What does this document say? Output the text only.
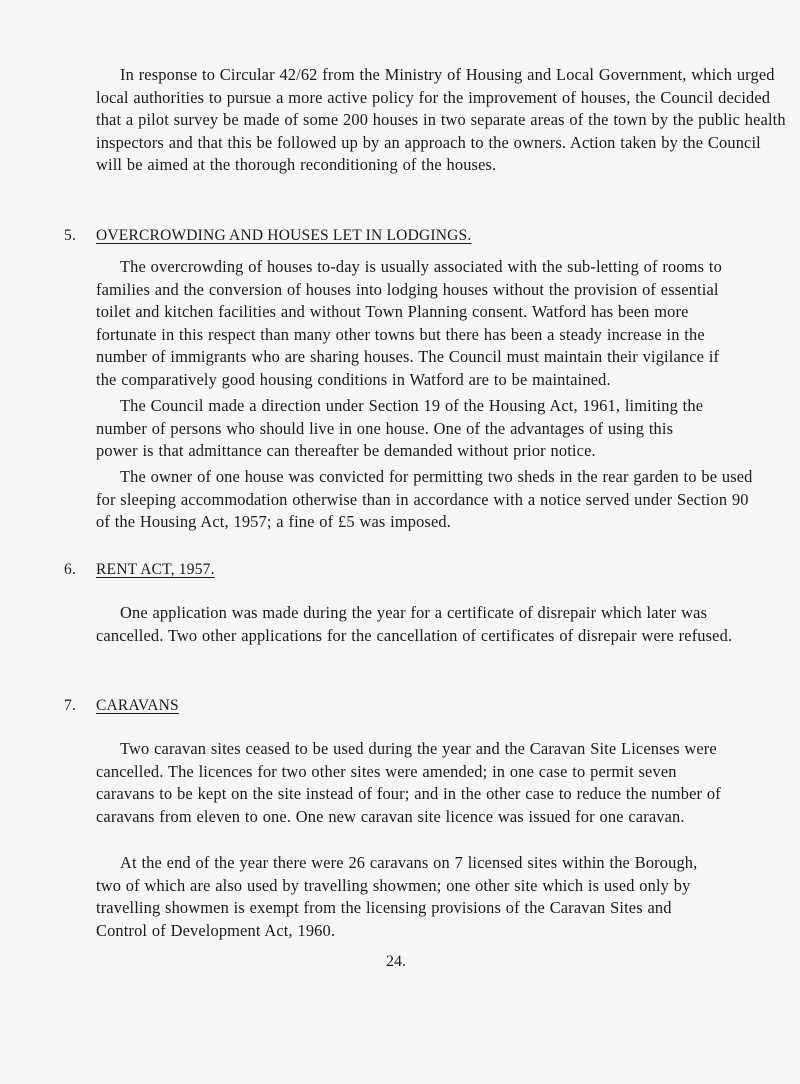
In response to Circular 42/62 from the Ministry of Housing and Local Government, which urged local authorities to pursue a more active policy for the improvement of houses, the Council decided that a pilot survey be made of some 200 houses in two separate areas of the town by the public health inspectors and that this be followed up by an approach to the owners. Action taken by the Council will be aimed at the thorough reconditioning of the houses.

5. OVERCROWDING AND HOUSES LET IN LODGINGS.

The overcrowding of houses to-day is usually associated with the sub-letting of rooms to families and the conversion of houses into lodging houses without the provision of essential toilet and kitchen facilities and without Town Planning consent. Watford has been more fortunate in this respect than many other towns but there has been a steady increase in the number of immigrants who are sharing houses. The Council must maintain their vigilance if the comparatively good housing conditions in Watford are to be maintained.

The Council made a direction under Section 19 of the Housing Act, 1961, limiting the number of persons who should live in one house. One of the advantages of using this power is that admittance can thereafter be demanded without prior notice.

The owner of one house was convicted for permitting two sheds in the rear garden to be used for sleeping accommodation otherwise than in accordance with a notice served under Section 90 of the Housing Act, 1957; a fine of £5 was imposed.

6. RENT ACT, 1957.

One application was made during the year for a certificate of disrepair which later was cancelled. Two other applications for the cancellation of certificates of disrepair were refused.

7. CARAVANS

Two caravan sites ceased to be used during the year and the Caravan Site Licenses were cancelled. The licences for two other sites were amended; in one case to permit seven caravans to be kept on the site instead of four; and in the other case to reduce the number of caravans from eleven to one. One new caravan site licence was issued for one caravan.

At the end of the year there were 26 caravans on 7 licensed sites within the Borough, two of which are also used by travelling showmen; one other site which is used only by travelling showmen is exempt from the licensing provisions of the Caravan Sites and Control of Development Act, 1960.

24.
